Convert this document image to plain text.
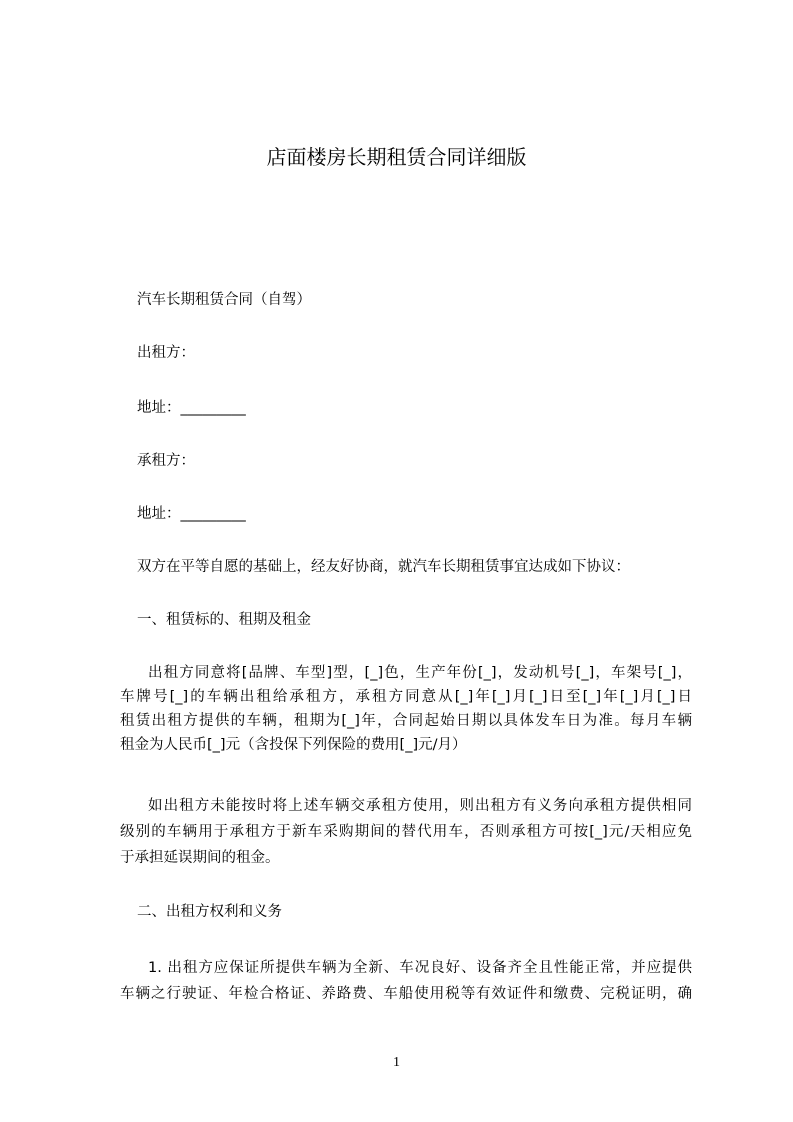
店面楼房长期租赁合同详细版
汽车长期租赁合同（自驾）
出租方：
地址：_________
承租方：
地址：_________
双方在平等自愿的基础上，经友好协商，就汽车长期租赁事宜达成如下协议：
一、租赁标的、租期及租金
出租方同意将[品牌、车型]型，[_]色，生产年份[_]，发动机号[_]，车架号[_]，
车牌号[_]的车辆出租给承租方，承租方同意从[_]年[_]月[_]日至[_]年[_]月[_]日
租赁出租方提供的车辆，租期为[_]年，合同起始日期以具体发车日为准。每月车辆
租金为人民币[_]元（含投保下列保险的费用[_]元/月）
如出租方未能按时将上述车辆交承租方使用，则出租方有义务向承租方提供相同
级别的车辆用于承租方于新车采购期间的替代用车，否则承租方可按[_]元/天相应免
于承担延误期间的租金。
二、出租方权利和义务
1. 出租方应保证所提供车辆为全新、车况良好、设备齐全且性能正常，并应提供
车辆之行驶证、年检合格证、养路费、车船使用税等有效证件和缴费、完税证明，确
1
